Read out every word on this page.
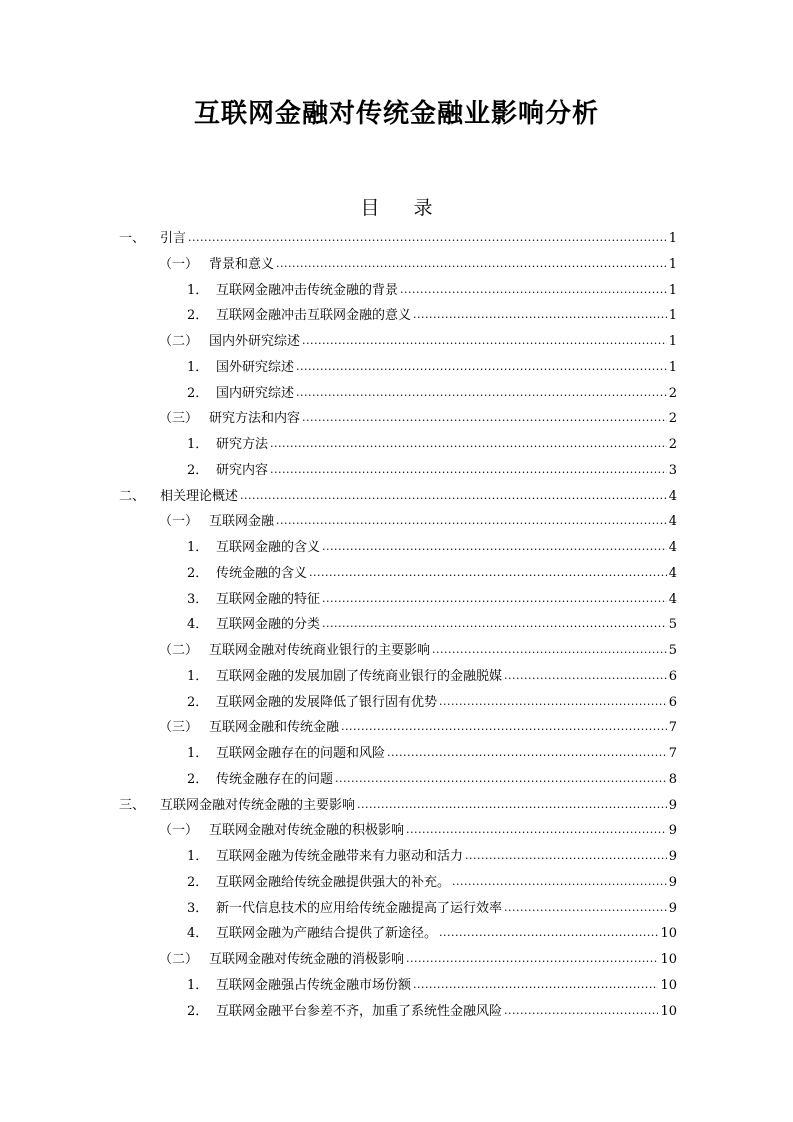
互联网金融对传统金融业影响分析
目 录
一、	引言 .....	1
（一） 背景和意义 .....	1
1． 互联网金融冲击传统金融的背景 .....	1
2． 互联网金融冲击互联网金融的意义 .....	1
（二） 国内外研究综述 .....	1
1． 国外研究综述 .....	1
2． 国内研究综述 .....	2
（三） 研究方法和内容 .....	2
1． 研究方法 .....	2
2． 研究内容 .....	3
二、	相关理论概述 .....	4
（一） 互联网金融 .....	4
1． 互联网金融的含义 .....	4
2． 传统金融的含义 .....	4
3． 互联网金融的特征 .....	4
4． 互联网金融的分类 .....	5
（二） 互联网金融对传统商业银行的主要影响 .....	5
1． 互联网金融的发展加剧了传统商业银行的金融脱媒 .....	6
2． 互联网金融的发展降低了银行固有优势 .....	6
（三） 互联网金融和传统金融 .....	7
1． 互联网金融存在的问题和风险 .....	7
2． 传统金融存在的问题 .....	8
三、	互联网金融对传统金融的主要影响 .....	9
（一） 互联网金融对传统金融的积极影响 .....	9
1． 互联网金融为传统金融带来有力驱动和活力 .....	9
2． 互联网金融给传统金融提供强大的补充。 .....	9
3． 新一代信息技术的应用给传统金融提高了运行效率 .....	9
4． 互联网金融为产融结合提供了新途径。 .....	10
（二） 互联网金融对传统金融的消极影响 .....	10
1． 互联网金融强占传统金融市场份额 .....	10
2． 互联网金融平台参差不齐，加重了系统性金融风险 .....	10
